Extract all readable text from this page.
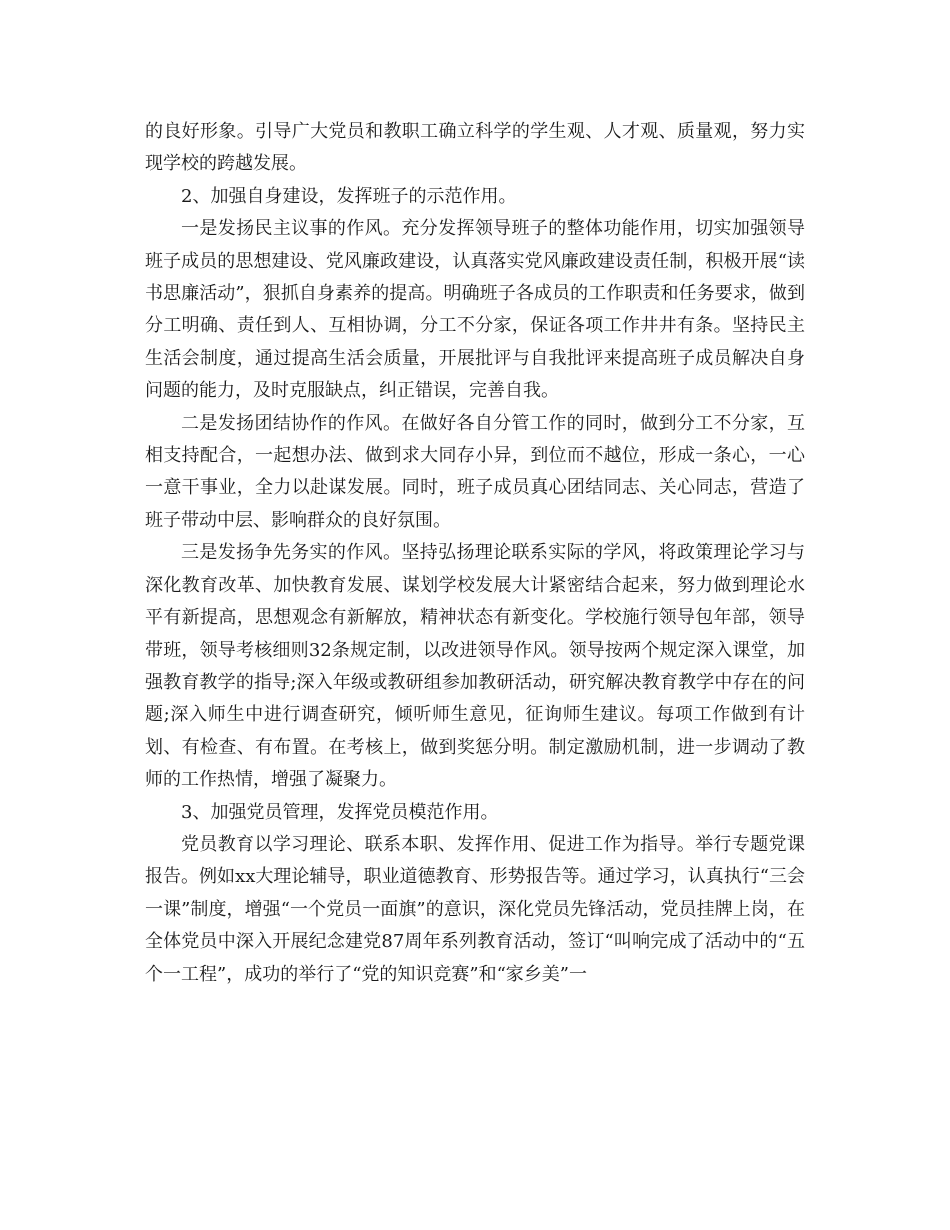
的良好形象。引导广大党员和教职工确立科学的学生观、人才观、质量观，努力实现学校的跨越发展。

2、加强自身建设，发挥班子的示范作用。

一是发扬民主议事的作风。充分发挥领导班子的整体功能作用，切实加强领导班子成员的思想建设、党风廉政建设，认真落实党风廉政建设责任制，积极开展“读书思廉活动”，狠抓自身素养的提高。明确班子各成员的工作职责和任务要求，做到分工明确、责任到人、互相协调，分工不分家，保证各项工作井井有条。坚持民主生活会制度，通过提高生活会质量，开展批评与自我批评来提高班子成员解决自身问题的能力，及时克服缺点，纠正错误，完善自我。

二是发扬团结协作的作风。在做好各自分管工作的同时，做到分工不分家，互相支持配合，一起想办法、做到求大同存小异，到位而不越位，形成一条心，一心一意干事业，全力以赴谋发展。同时，班子成员真心团结同志、关心同志，营造了班子带动中层、影响群众的良好氛围。

三是发扬争先务实的作风。坚持弘扬理论联系实际的学风，将政策理论学习与深化教育改革、加快教育发展、谋划学校发展大计紧密结合起来，努力做到理论水平有新提高，思想观念有新解放，精神状态有新变化。学校施行领导包年部，领导带班，领导考核细则32条规定制，以改进领导作风。领导按两个规定深入课堂，加强教育教学的指导;深入年级或教研组参加教研活动，研究解决教育教学中存在的问题;深入师生中进行调查研究，倾听师生意见，征询师生建议。每项工作做到有计划、有检查、有布置。在考核上，做到奖惩分明。制定激励机制，进一步调动了教师的工作热情，增强了凝聚力。

3、加强党员管理，发挥党员模范作用。

党员教育以学习理论、联系本职、发挥作用、促进工作为指导。举行专题党课报告。例如xx大理论辅导，职业道德教育、形势报告等。通过学习，认真执行“三会一课”制度，增强“一个党员一面旗”的意识，深化党员先锋活动，党员挂牌上岗，在全体党员中深入开展纪念建党87周年系列教育活动，签订“叫响完成了活动中的“五个一工程”，成功的举行了“党的知识竞赛”和“家乡美”一
